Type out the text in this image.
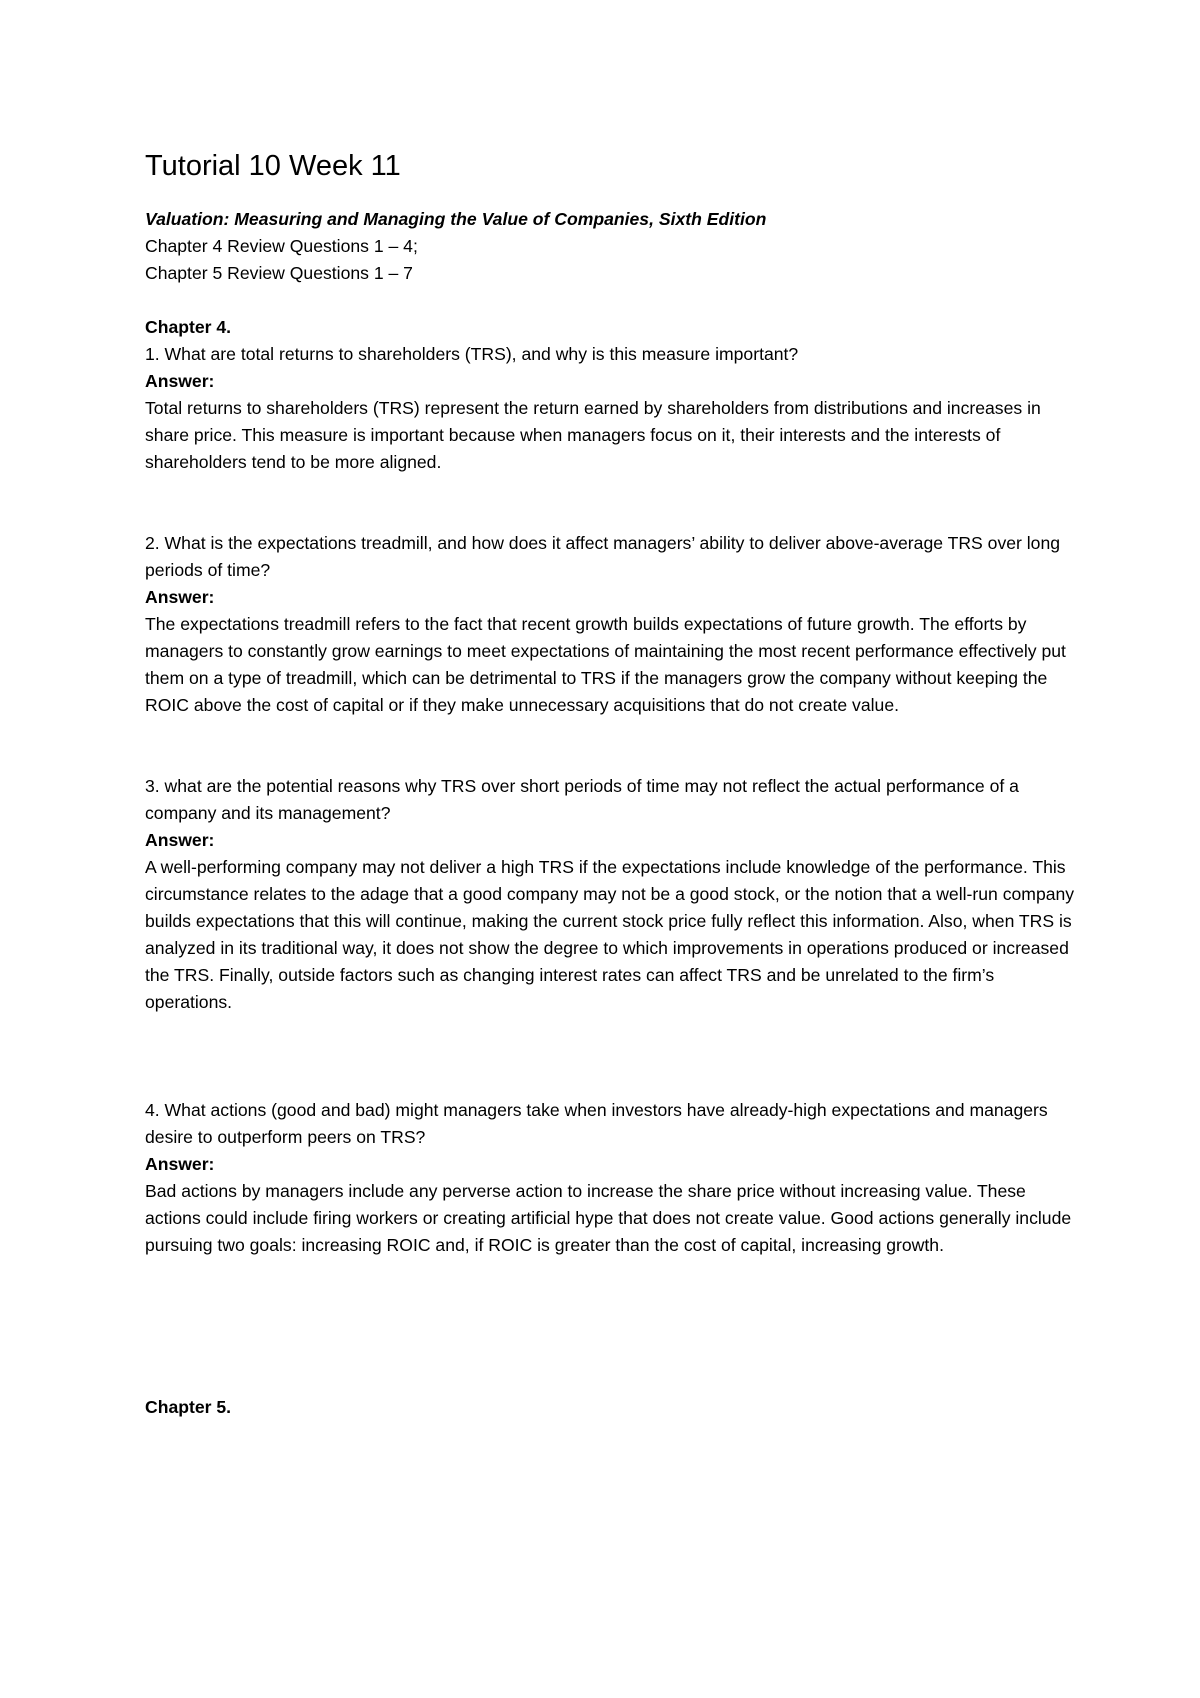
Tutorial 10 Week 11

Valuation: Measuring and Managing the Value of Companies, Sixth Edition

Chapter 4 Review Questions 1 – 4;

Chapter 5 Review Questions 1 – 7

Chapter 4.

1. What are total returns to shareholders (TRS), and why is this measure important?

Answer:

Total returns to shareholders (TRS) represent the return earned by shareholders from distributions and increases in share price. This measure is important because when managers focus on it, their interests and the interests of shareholders tend to be more aligned.

2. What is the expectations treadmill, and how does it affect managers’ ability to deliver above-average TRS over long periods of time?

Answer:

The expectations treadmill refers to the fact that recent growth builds expectations of future growth. The efforts by managers to constantly grow earnings to meet expectations of maintaining the most recent performance effectively put them on a type of treadmill, which can be detrimental to TRS if the managers grow the company without keeping the ROIC above the cost of capital or if they make unnecessary acquisitions that do not create value.

3. what are the potential reasons why TRS over short periods of time may not reflect the actual performance of a company and its management?

Answer:

A well-performing company may not deliver a high TRS if the expectations include knowledge of the performance. This circumstance relates to the adage that a good company may not be a good stock, or the notion that a well-run company builds expectations that this will continue, making the current stock price fully reflect this information. Also, when TRS is analyzed in its traditional way, it does not show the degree to which improvements in operations produced or increased the TRS. Finally, outside factors such as changing interest rates can affect TRS and be unrelated to the firm’s operations.

4. What actions (good and bad) might managers take when investors have already-high expectations and managers desire to outperform peers on TRS?

Answer:

Bad actions by managers include any perverse action to increase the share price without increasing value. These actions could include firing workers or creating artificial hype that does not create value. Good actions generally include pursuing two goals: increasing ROIC and, if ROIC is greater than the cost of capital, increasing growth.

Chapter 5.
